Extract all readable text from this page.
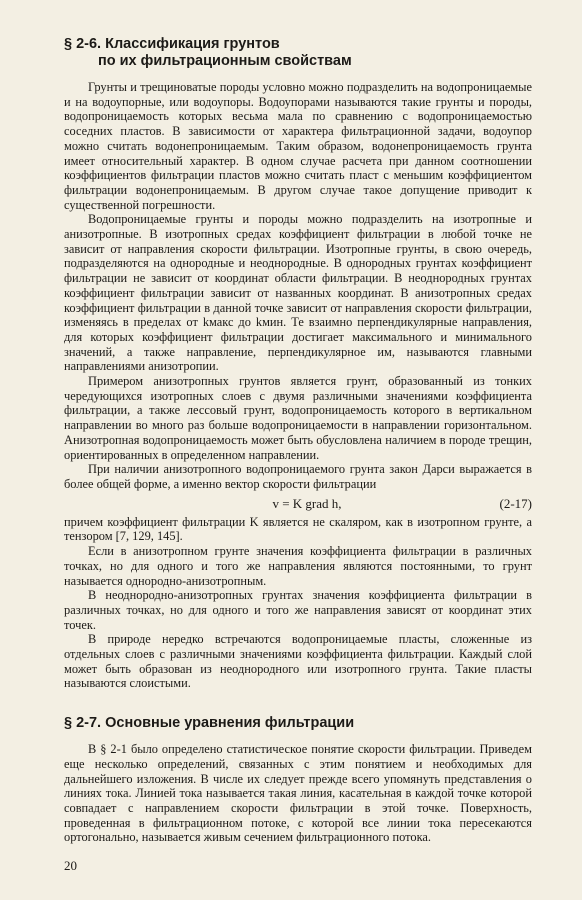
§ 2-6. Классификация грунтов
по их фильтрационным свойствам

Грунты и трещиноватые породы условно можно подразделить на водопроницаемые и на водоупорные, или водоупоры. Водоупорами называются такие грунты и породы, водопроницаемость которых весьма мала по сравнению с водопроницаемостью соседних пластов. В зависимости от характера фильтрационной задачи, водоупор можно считать водонепроницаемым. Таким образом, водонепроницаемость грунта имеет относительный характер. В одном случае расчета при данном соотношении коэффициентов фильтрации пластов можно считать пласт с меньшим коэффициентом фильтрации водонепроницаемым. В другом случае такое допущение приводит к существенной погрешности.

Водопроницаемые грунты и породы можно подразделить на изотропные и анизотропные. В изотропных средах коэффициент фильтрации в любой точке не зависит от направления скорости фильтрации. Изотропные грунты, в свою очередь, подразделяются на однородные и неоднородные. В однородных грунтах коэффициент фильтрации не зависит от координат области фильтрации. В неоднородных грунтах коэффициент фильтрации зависит от названных координат. В анизотропных средах коэффициент фильтрации в данной точке зависит от направления скорости фильтрации, изменяясь в пределах от kмакс до kмин. Те взаимно перпендикулярные направления, для которых коэффициент фильтрации достигает максимального и минимального значений, а также направление, перпендикулярное им, называются главными направлениями анизотропии.

Примером анизотропных грунтов является грунт, образованный из тонких чередующихся изотропных слоев с двумя различными значениями коэффициента фильтрации, а также лессовый грунт, водопроницаемость которого в вертикальном направлении во много раз больше водопроницаемости в направлении горизонтальном. Анизотропная водопроницаемость может быть обусловлена наличием в породе трещин, ориентированных в определенном направлении.

При наличии анизотропного водопроницаемого грунта закон Дарси выражается в более общей форме, а именно вектор скорости фильтрации

v = K grad h,	(2-17)

причем коэффициент фильтрации K является не скаляром, как в изотропном грунте, а тензором [7, 129, 145].

Если в анизотропном грунте значения коэффициента фильтрации в различных точках, но для одного и того же направления являются постоянными, то грунт называется однородно-анизотропным.

В неоднородно-анизотропных грунтах значения коэффициента фильтрации в различных точках, но для одного и того же направления зависят от координат этих точек.

В природе нередко встречаются водопроницаемые пласты, сложенные из отдельных слоев с различными значениями коэффициента фильтрации. Каждый слой может быть образован из неоднородного или изотропного грунта. Такие пласты называются слоистыми.

§ 2-7. Основные уравнения фильтрации

В § 2-1 было определено статистическое понятие скорости фильтрации. Приведем еще несколько определений, связанных с этим понятием и необходимых для дальнейшего изложения. В числе их следует прежде всего упомянуть представления о линиях тока. Линией тока называется такая линия, касательная в каждой точке которой совпадает с направлением скорости фильтрации в этой точке. Поверхность, проведенная в фильтрационном потоке, с которой все линии тока пересекаются ортогонально, называется живым сечением фильтрационного потока.

20
